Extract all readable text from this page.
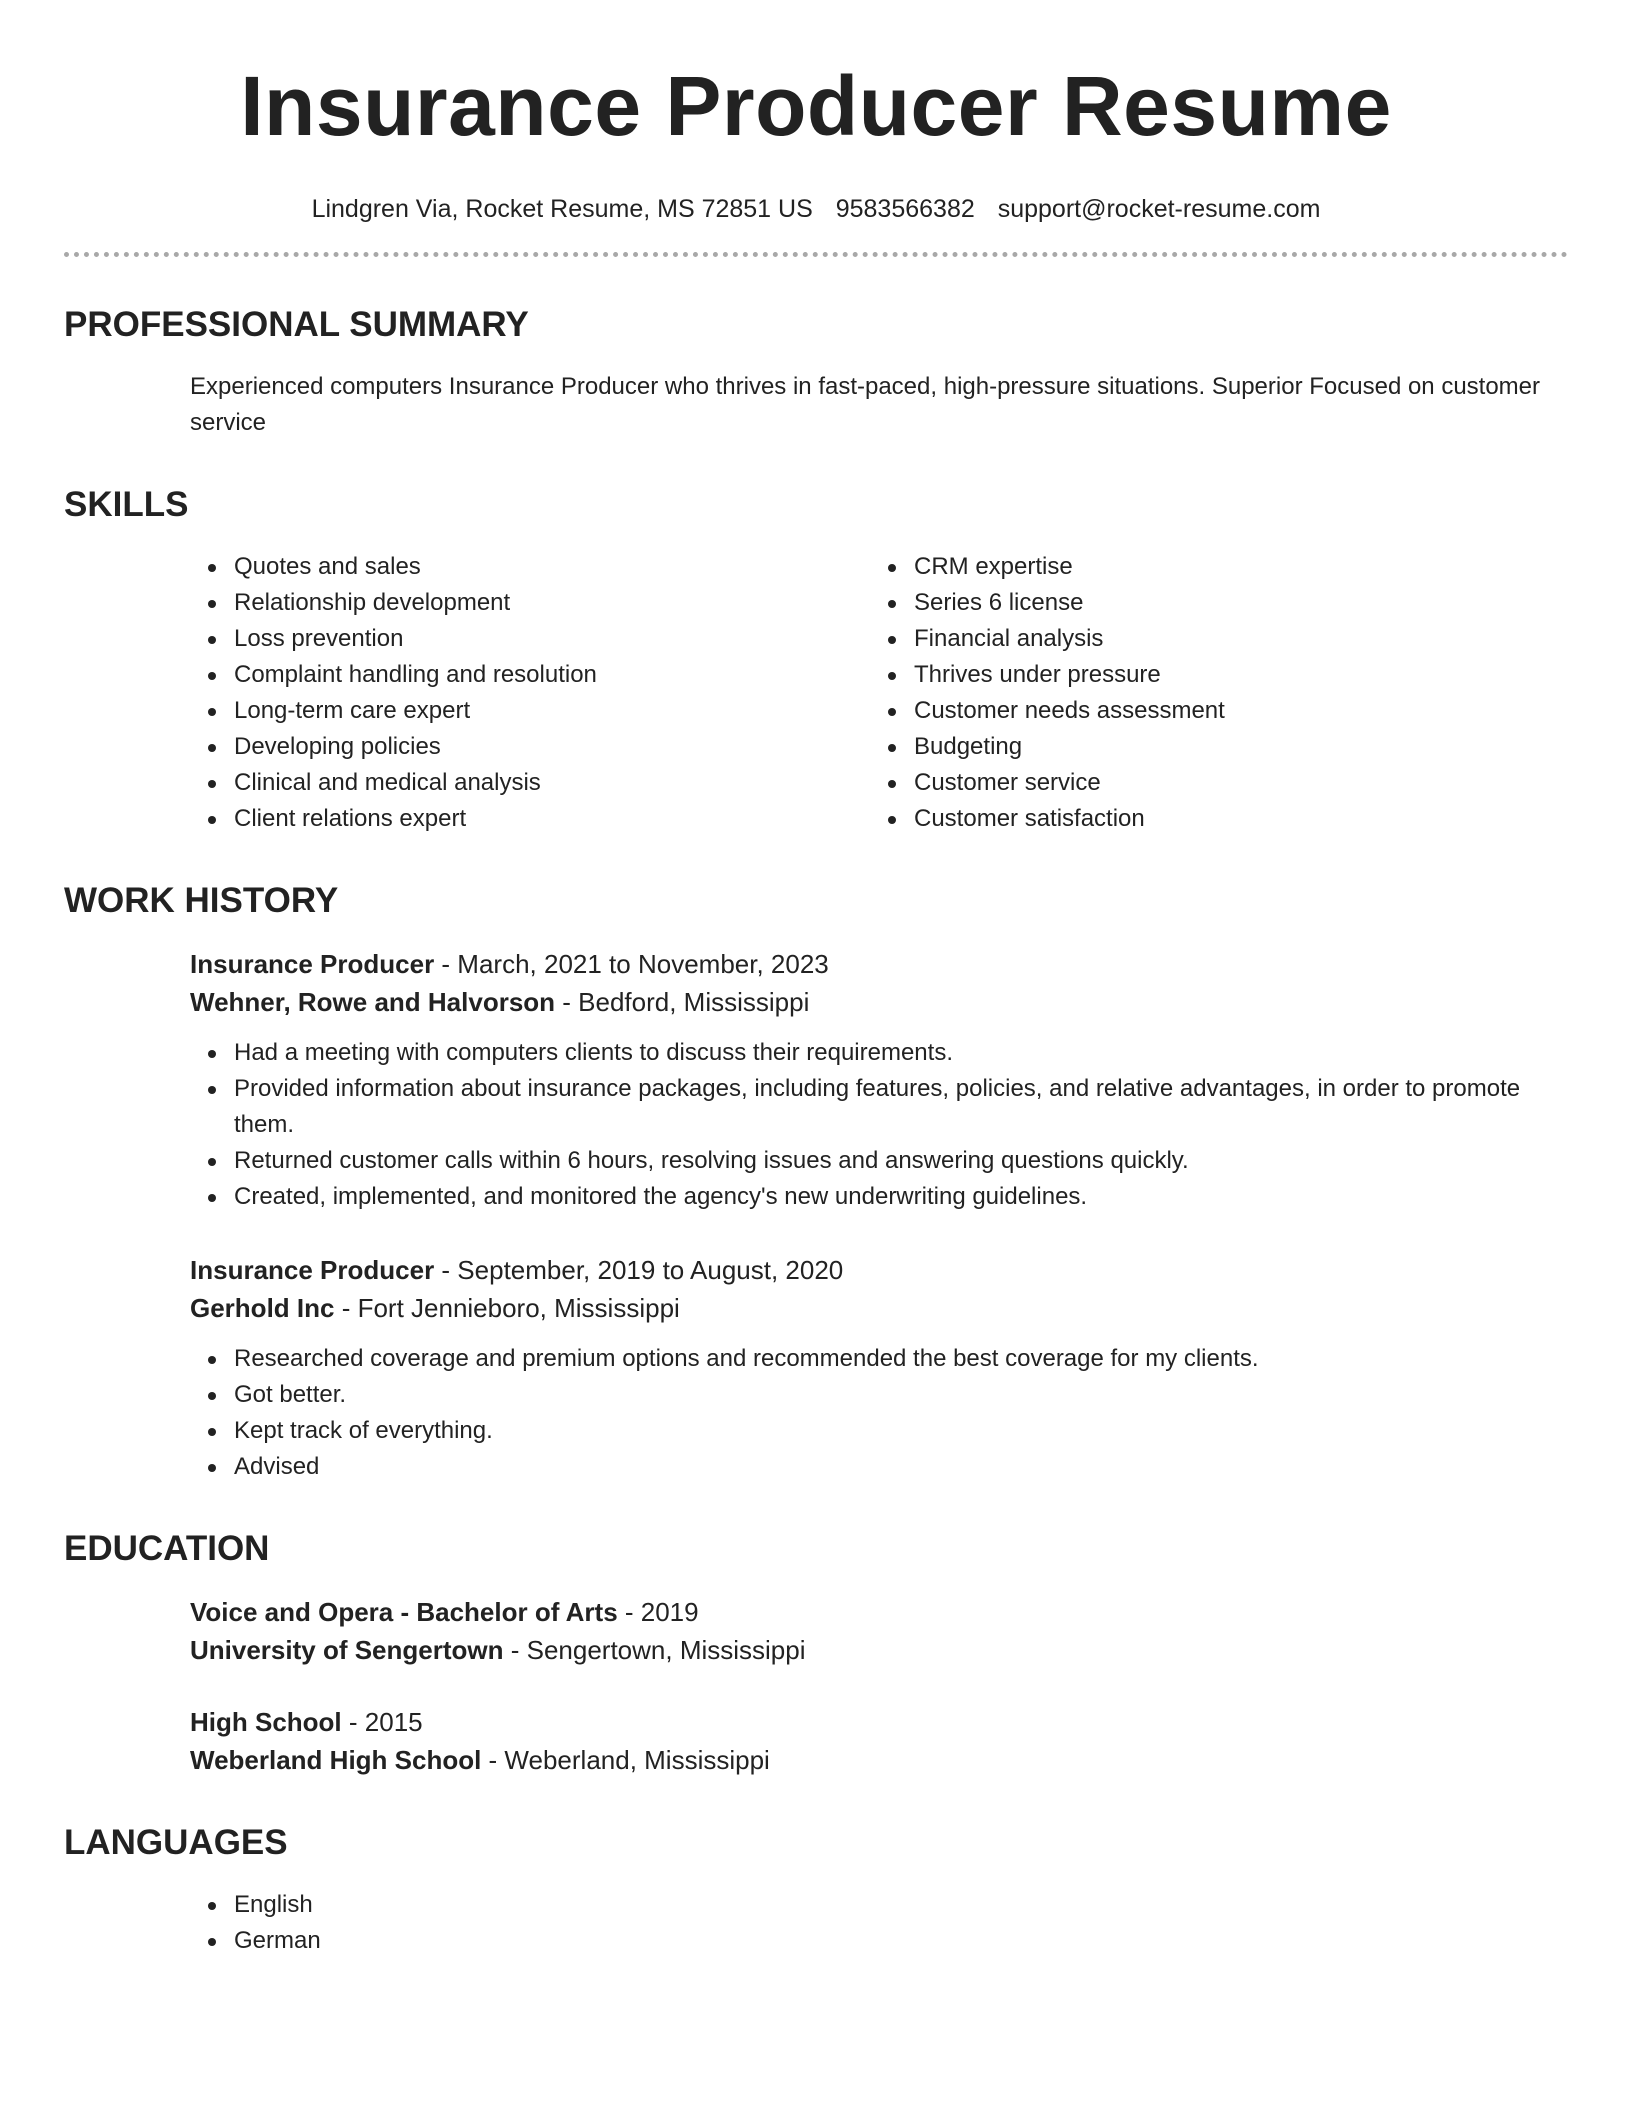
Insurance Producer Resume
Lindgren Via, Rocket Resume, MS 72851 US 9583566382 support@rocket-resume.com
PROFESSIONAL SUMMARY

Experienced computers Insurance Producer who thrives in fast-paced, high-pressure situations. Superior Focused on customer service

SKILLS
Quotes and sales
Relationship development
Loss prevention
Complaint handling and resolution
Long-term care expert
Developing policies
Clinical and medical analysis
Client relations expert
CRM expertise
Series 6 license
Financial analysis
Thrives under pressure
Customer needs assessment
Budgeting
Customer service
Customer satisfaction
WORK HISTORY
Insurance Producer - March, 2021 to November, 2023
Wehner, Rowe and Halvorson - Bedford, Mississippi
Had a meeting with computers clients to discuss their requirements.
Provided information about insurance packages, including features, policies, and relative advantages, in order to promote them.
Returned customer calls within 6 hours, resolving issues and answering questions quickly.
Created, implemented, and monitored the agency's new underwriting guidelines.
Insurance Producer - September, 2019 to August, 2020
Gerhold Inc - Fort Jennieboro, Mississippi
Researched coverage and premium options and recommended the best coverage for my clients.
Got better.
Kept track of everything.
Advised
EDUCATION
Voice and Opera - Bachelor of Arts - 2019
University of Sengertown - Sengertown, Mississippi
High School - 2015
Weberland High School - Weberland, Mississippi
LANGUAGES
English
German
